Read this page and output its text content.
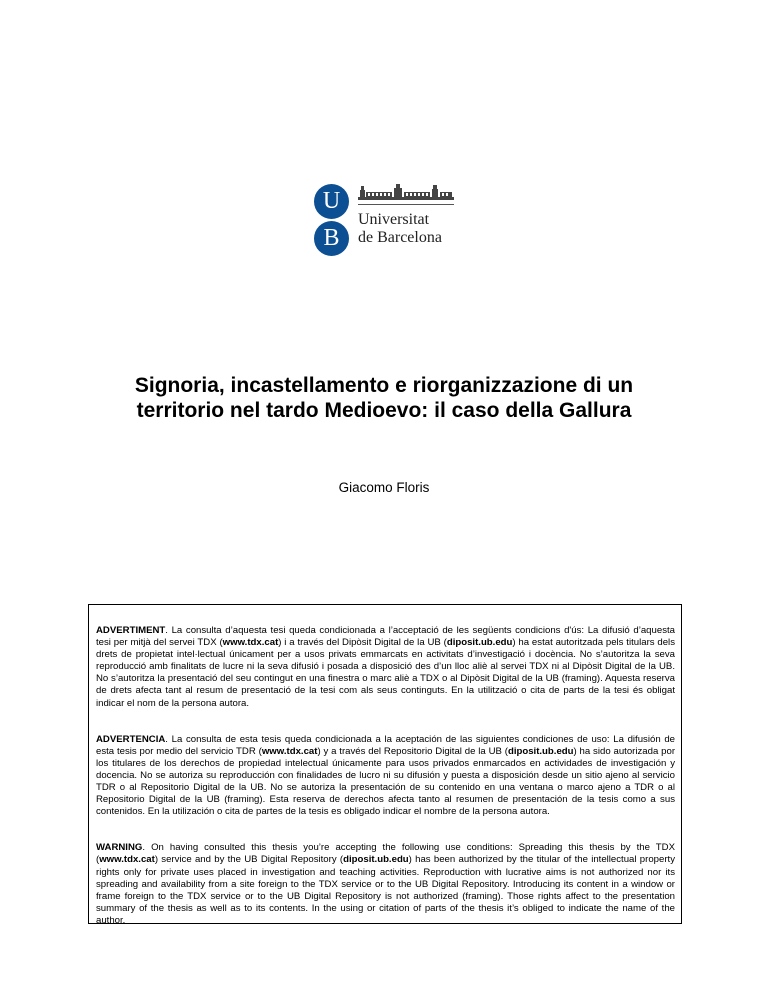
U
B
Universitat
de Barcelona
Signoria, incastellamento e riorganizzazione di un territorio nel tardo Medioevo: il caso della Gallura
Giacomo Floris

ADVERTIMENT. La consulta d’aquesta tesi queda condicionada a l’acceptació de les següents condicions d'ús: La difusió d’aquesta tesi per mitjà del servei TDX (www.tdx.cat) i a través del Dipòsit Digital de la UB (diposit.ub.edu) ha estat autoritzada pels titulars dels drets de propietat intel·lectual únicament per a usos privats emmarcats en activitats d’investigació i docència. No s’autoritza la seva reproducció amb finalitats de lucre ni la seva difusió i posada a disposició des d’un lloc aliè al servei TDX ni al Dipòsit Digital de la UB. No s’autoritza la presentació del seu contingut en una finestra o marc aliè a TDX o al Dipòsit Digital de la UB (framing). Aquesta reserva de drets afecta tant al resum de presentació de la tesi com als seus continguts. En la utilització o cita de parts de la tesi és obligat indicar el nom de la persona autora.

ADVERTENCIA. La consulta de esta tesis queda condicionada a la aceptación de las siguientes condiciones de uso: La difusión de esta tesis por medio del servicio TDR (www.tdx.cat) y a través del Repositorio Digital de la UB (diposit.ub.edu) ha sido autorizada por los titulares de los derechos de propiedad intelectual únicamente para usos privados enmarcados en actividades de investigación y docencia. No se autoriza su reproducción con finalidades de lucro ni su difusión y puesta a disposición desde un sitio ajeno al servicio TDR o al Repositorio Digital de la UB. No se autoriza la presentación de su contenido en una ventana o marco ajeno a TDR o al Repositorio Digital de la UB (framing). Esta reserva de derechos afecta tanto al resumen de presentación de la tesis como a sus contenidos. En la utilización o cita de partes de la tesis es obligado indicar el nombre de la persona autora.

WARNING. On having consulted this thesis you’re accepting the following use conditions: Spreading this thesis by the TDX (www.tdx.cat) service and by the UB Digital Repository (diposit.ub.edu) has been authorized by the titular of the intellectual property rights only for private uses placed in investigation and teaching activities. Reproduction with lucrative aims is not authorized nor its spreading and availability from a site foreign to the TDX service or to the UB Digital Repository. Introducing its content in a window or frame foreign to the TDX service or to the UB Digital Repository is not authorized (framing). Those rights affect to the presentation summary of the thesis as well as to its contents. In the using or citation of parts of the thesis it’s obliged to indicate the name of the author.
